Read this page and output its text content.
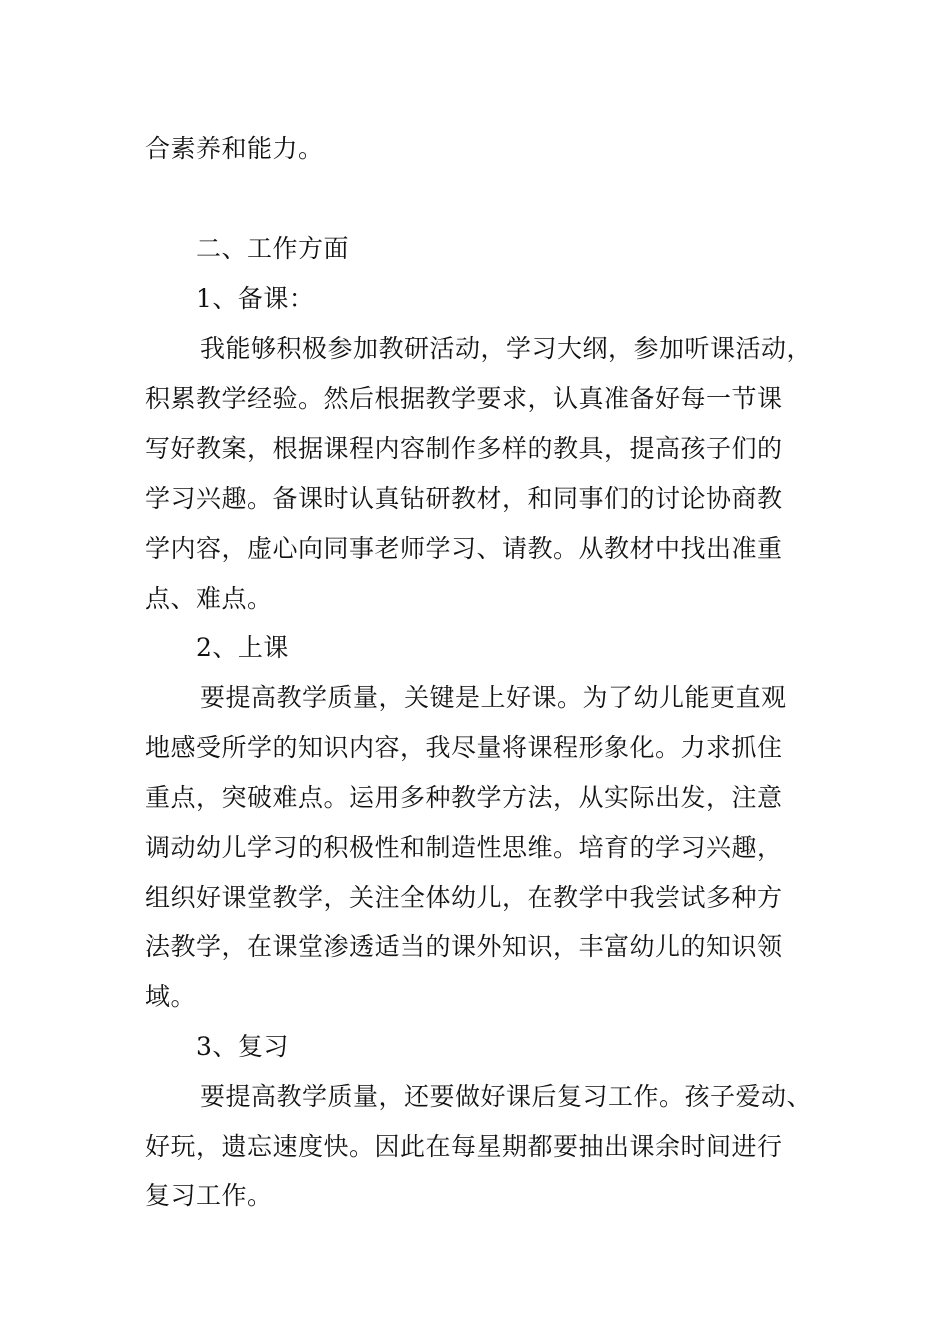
合素养和能力。
二、工作方面
1、备课：
我能够积极参加教研活动，学习大纲，参加听课活动，
积累教学经验。然后根据教学要求，认真准备好每一节课
写好教案，根据课程内容制作多样的教具，提高孩子们的
学习兴趣。备课时认真钻研教材，和同事们的讨论协商教
学内容，虚心向同事老师学习、请教。从教材中找出准重
点、难点。
2、上课
要提高教学质量，关键是上好课。为了幼儿能更直观
地感受所学的知识内容，我尽量将课程形象化。力求抓住
重点，突破难点。运用多种教学方法，从实际出发，注意
调动幼儿学习的积极性和制造性思维。培育的学习兴趣，
组织好课堂教学，关注全体幼儿，在教学中我尝试多种方
法教学，在课堂渗透适当的课外知识，丰富幼儿的知识领
域。
3、复习
要提高教学质量，还要做好课后复习工作。孩子爱动、
好玩，遗忘速度快。因此在每星期都要抽出课余时间进行
复习工作。
